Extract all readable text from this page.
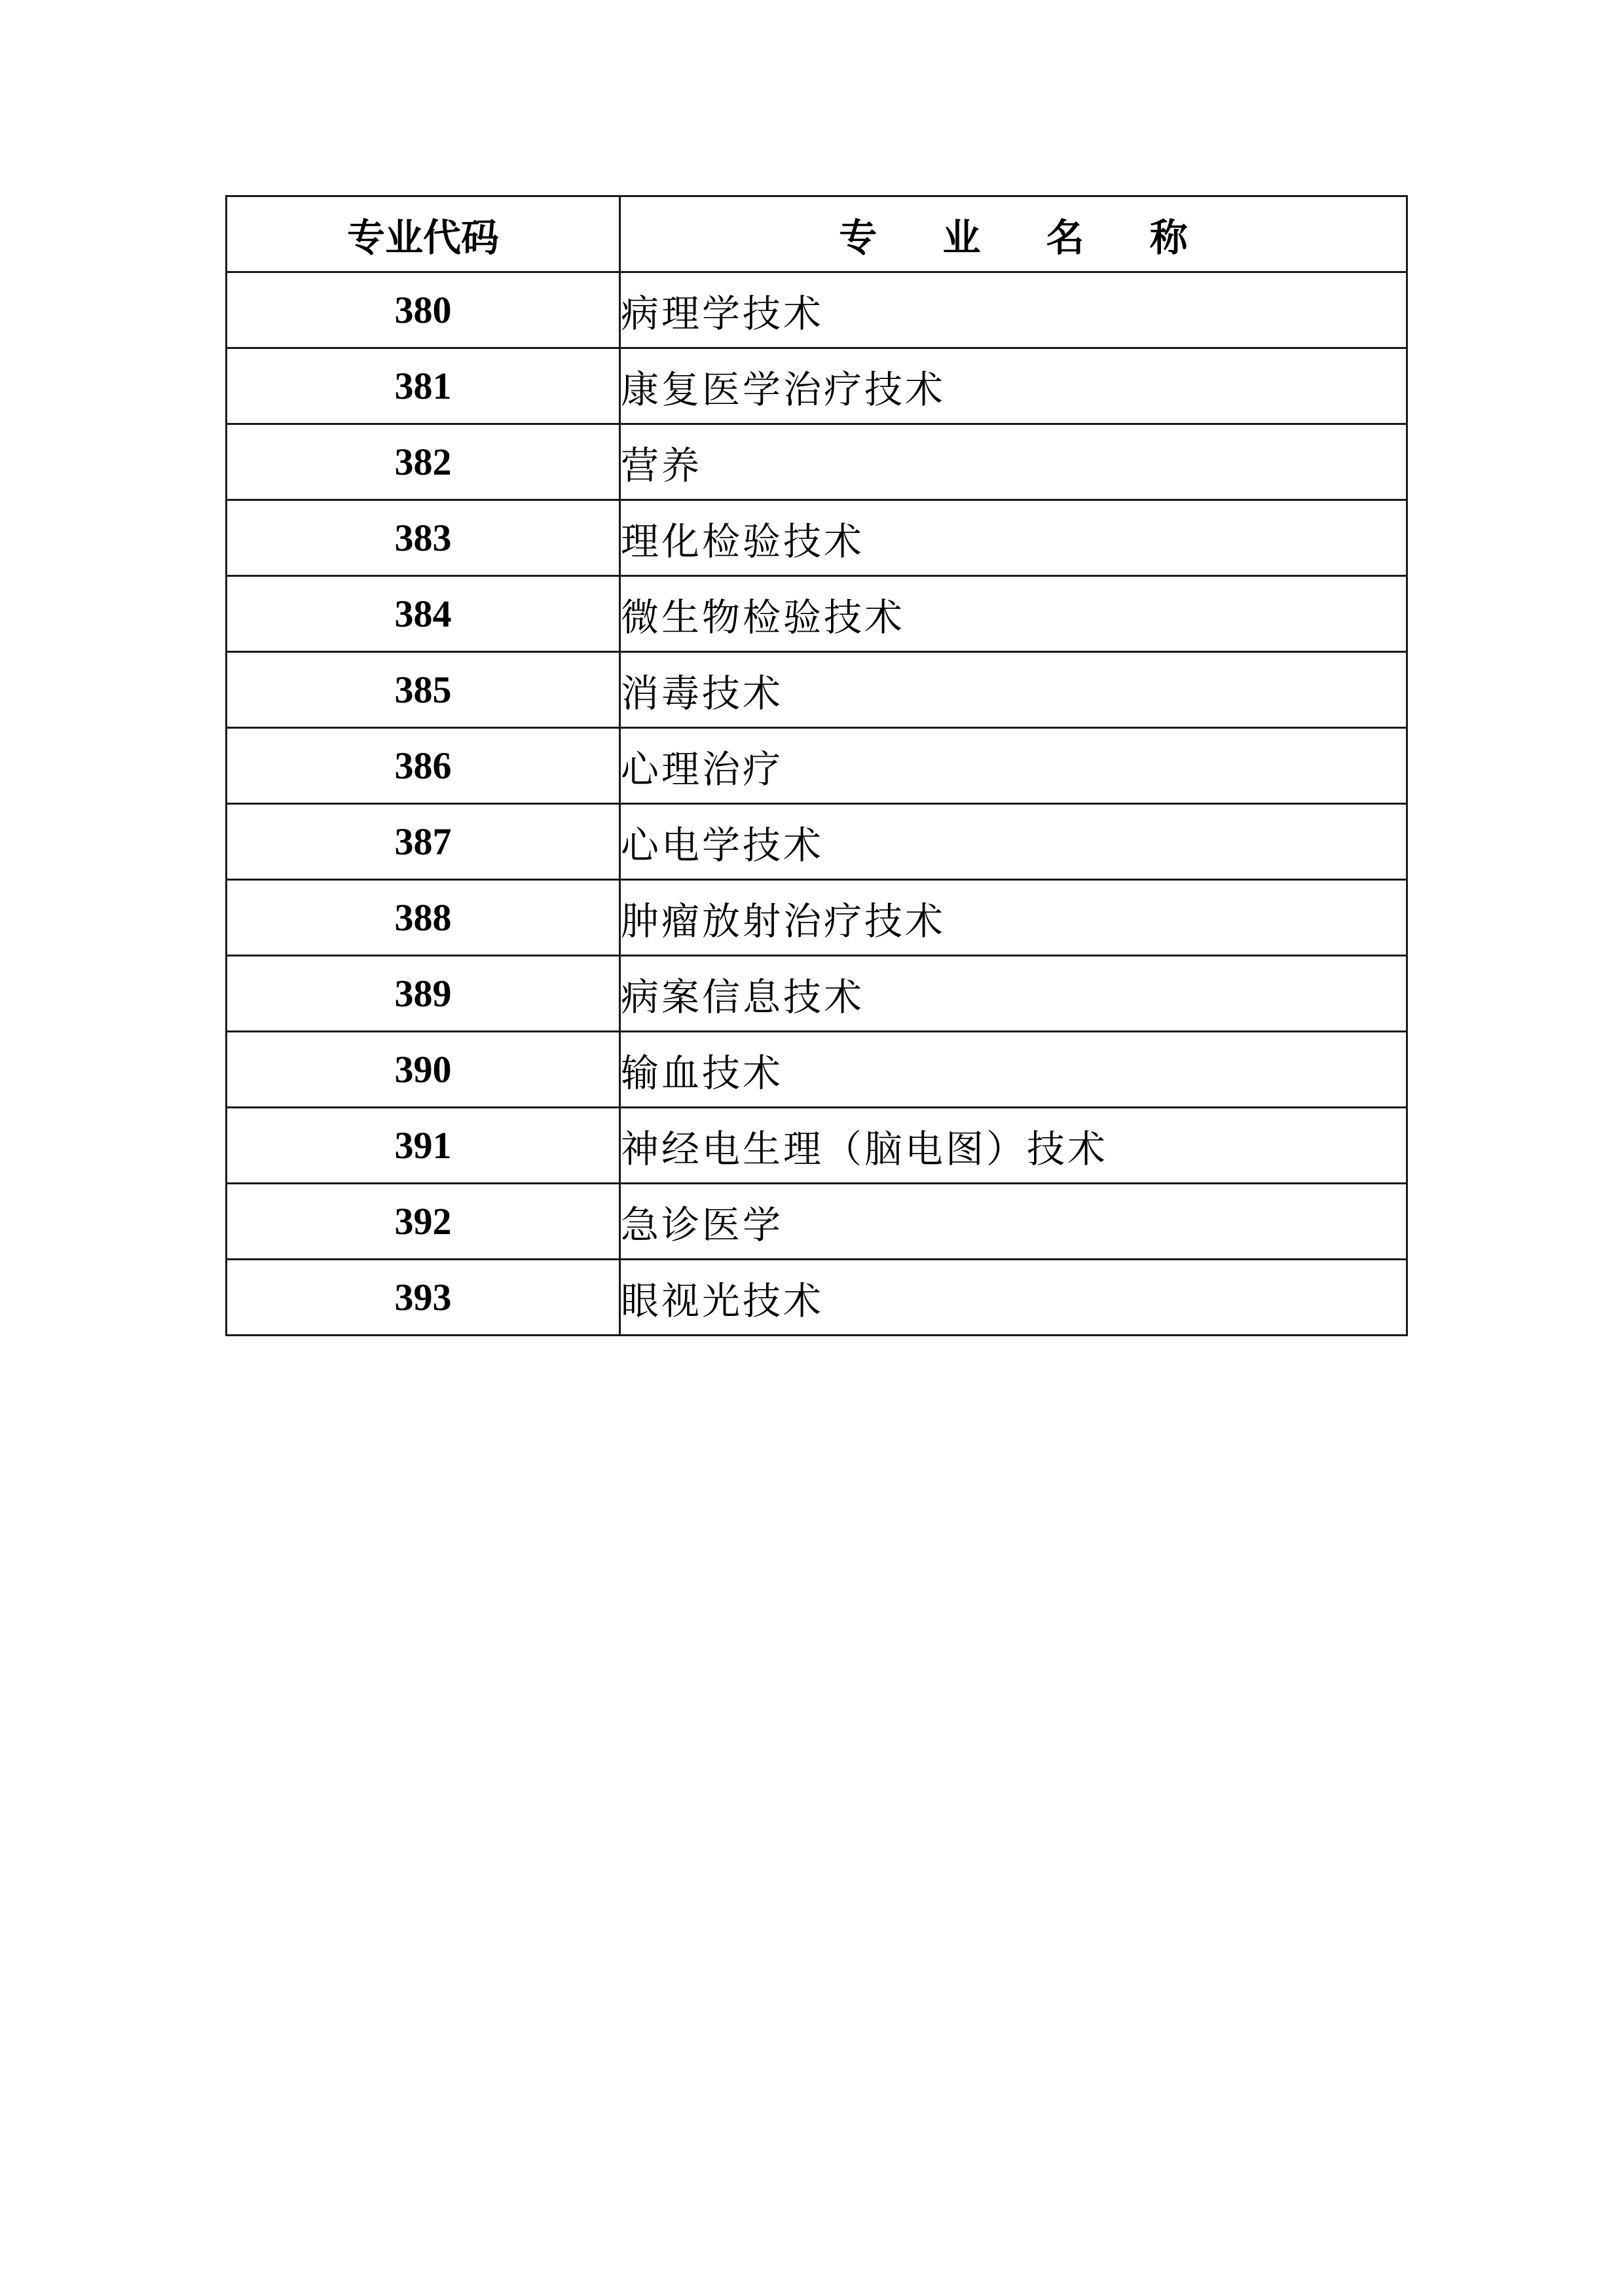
专业代码	专 业 名 称
380	病理学技术
381	康复医学治疗技术
382	营养
383	理化检验技术
384	微生物检验技术
385	消毒技术
386	心理治疗
387	心电学技术
388	肿瘤放射治疗技术
389	病案信息技术
390	输血技术
391	神经电生理（脑电图）技术
392	急诊医学
393	眼视光技术
